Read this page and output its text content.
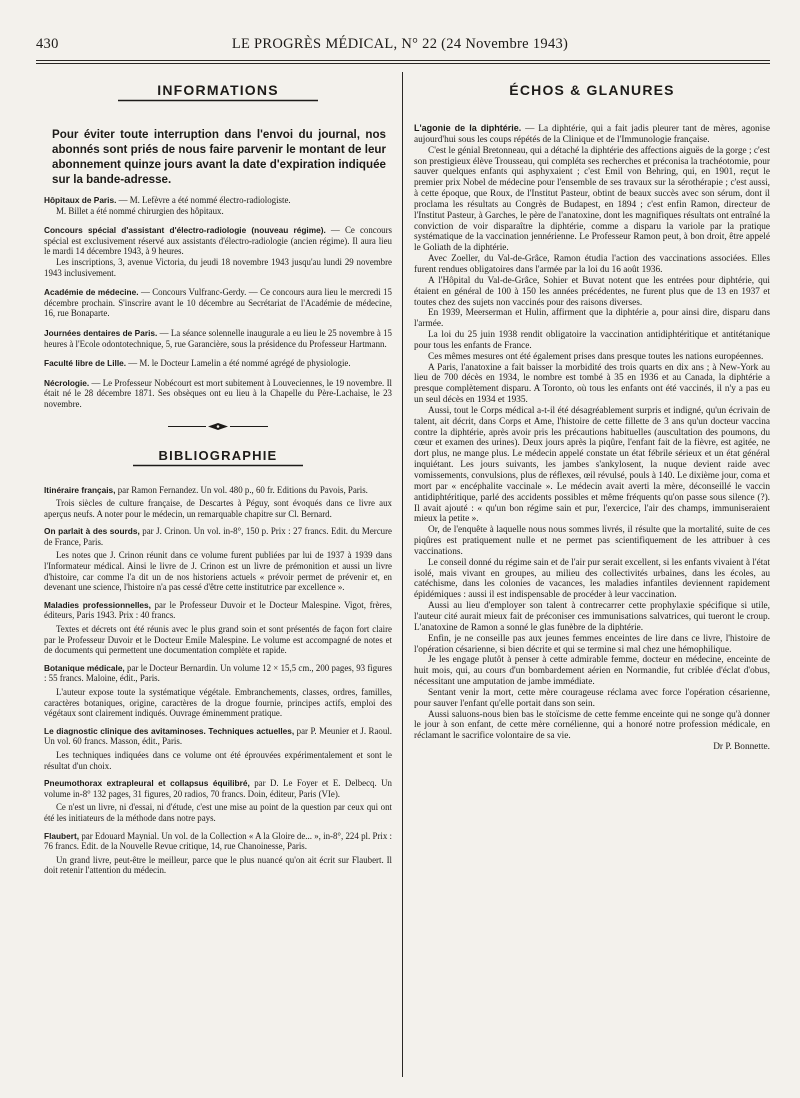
430	LE PROGRÈS MÉDICAL, N° 22 (24 Novembre 1943)
INFORMATIONS

Pour éviter toute interruption dans l'envoi du journal, nos abonnés sont priés de nous faire parvenir le montant de leur abonnement quinze jours avant la date d'expiration indiquée sur la bande-adresse.

Hôpitaux de Paris. — M. Lefèvre a été nommé électro-radiologiste.

M. Billet a été nommé chirurgien des hôpitaux.

Concours spécial d'assistant d'électro-radiologie (nouveau régime). — Ce concours spécial est exclusivement réservé aux assistants d'électro-radiologie (ancien régime). Il aura lieu le mardi 14 décembre 1943, à 9 heures.

Les inscriptions, 3, avenue Victoria, du jeudi 18 novembre 1943 jusqu'au lundi 29 novembre 1943 inclusivement.

Académie de médecine. — Concours Vulfranc-Gerdy. — Ce concours aura lieu le mercredi 15 décembre prochain. S'inscrire avant le 10 décembre au Secrétariat de l'Académie de médecine, 16, rue Bonaparte.

Journées dentaires de Paris. — La séance solennelle inaugurale a eu lieu le 25 novembre à 15 heures à l'Ecole odontotechnique, 5, rue Garancière, sous la présidence du Professeur Hartmann.

Faculté libre de Lille. — M. le Docteur Lamelin a été nommé agrégé de physiologie.

Nécrologie. — Le Professeur Nobécourt est mort subitement à Louveciennes, le 19 novembre. Il était né le 28 décembre 1871. Ses obsèques ont eu lieu à la Chapelle du Père-Lachaise, le 23 novembre.

BIBLIOGRAPHIE

Itinéraire français, par Ramon Fernandez. Un vol. 480 p., 60 fr. Editions du Pavois, Paris.

Trois siècles de culture française, de Descartes à Péguy, sont évoqués dans ce livre aux aperçus neufs. A noter pour le médecin, un remarquable chapitre sur Cl. Bernard.

On parlait à des sourds, par J. Crinon. Un vol. in-8°, 150 p. Prix : 27 francs. Edit. du Mercure de France, Paris.

Les notes que J. Crinon réunit dans ce volume furent publiées par lui de 1937 à 1939 dans l'Informateur médical. Ainsi le livre de J. Crinon est un livre de prémonition et aussi un livre d'histoire, car comme l'a dit un de nos historiens actuels « prévoir permet de prévenir et, en devenant une science, l'histoire n'a pas cessé d'être cette institutrice par excellence ».

Maladies professionnelles, par le Professeur Duvoir et le Docteur Malespine. Vigot, frères, éditeurs, Paris 1943. Prix : 40 francs.

Textes et décrets ont été réunis avec le plus grand soin et sont présentés de façon fort claire par le Professeur Duvoir et le Docteur Emile Malespine. Le volume est accompagné de notes et de documents qui permettent une documentation complète et rapide.

Botanique médicale, par le Docteur Bernardin. Un volume 12 × 15,5 cm., 200 pages, 93 figures : 55 francs. Maloine, édit., Paris.

L'auteur expose toute la systématique végétale. Embranchements, classes, ordres, familles, caractères botaniques, origine, caractères de la drogue fournie, principes actifs, emploi des végétaux sont clairement indiqués. Ouvrage éminemment pratique.

Le diagnostic clinique des avitaminoses. Techniques actuelles, par P. Meunier et J. Raoul. Un vol. 60 francs. Masson, édit., Paris.

Les techniques indiquées dans ce volume ont été éprouvées expérimentalement et sont le résultat d'un choix.

Pneumothorax extrapleural et collapsus équilibré, par D. Le Foyer et E. Delbecq. Un volume in-8° 132 pages, 31 figures, 20 radios, 70 francs. Doin, éditeur, Paris (VIe).

Ce n'est un livre, ni d'essai, ni d'étude, c'est une mise au point de la question par ceux qui ont été les initiateurs de la méthode dans notre pays.

Flaubert, par Edouard Maynial. Un vol. de la Collection « A la Gloire de... », in-8°, 224 pl. Prix : 76 francs. Edit. de la Nouvelle Revue critique, 14, rue Chanoinesse, Paris.

Un grand livre, peut-être le meilleur, parce que le plus nuancé qu'on ait écrit sur Flaubert. Il doit retenir l'attention du médecin.

ÉCHOS & GLANURES

L'agonie de la diphtérie. — La diphtérie, qui a fait jadis pleurer tant de mères, agonise aujourd'hui sous les coups répétés de la Clinique et de l'Immunologie française.

C'est le génial Bretonneau, qui a détaché la diphtérie des affections aiguës de la gorge ; c'est son prestigieux élève Trousseau, qui compléta ses recherches et préconisa la trachéotomie, pour sauver quelques enfants qui asphyxaient ; c'est Emil von Behring, qui, en 1901, reçut le premier prix Nobel de médecine pour l'ensemble de ses travaux sur la sérothérapie ; c'est aussi, à cette époque, que Roux, de l'Institut Pasteur, obtint de beaux succès avec son sérum, dont il proclama les résultats au Congrès de Budapest, en 1894 ; c'est enfin Ramon, directeur de l'Institut Pasteur, à Garches, le père de l'anatoxine, dont les magnifiques résultats ont entraîné la conviction de voir disparaître la diphtérie, comme a disparu la variole par la pratique systématique de la vaccination jennérienne. Le Professeur Ramon peut, à bon droit, être appelé le Goliath de la diphtérie.

Avec Zoeller, du Val-de-Grâce, Ramon étudia l'action des vaccinations associées. Elles furent rendues obligatoires dans l'armée par la loi du 16 août 1936.

A l'Hôpital du Val-de-Grâce, Sohier et Buvat notent que les entrées pour diphtérie, qui étaient en général de 100 à 150 les années précédentes, ne furent plus que de 13 en 1937 et toutes chez des sujets non vaccinés pour des raisons diverses.

En 1939, Meerserman et Hulin, affirment que la diphtérie a, pour ainsi dire, disparu dans l'armée.

La loi du 25 juin 1938 rendit obligatoire la vaccination antidiphtéritique et antitétanique pour tous les enfants de France.

Ces mêmes mesures ont été également prises dans presque toutes les nations européennes.

A Paris, l'anatoxine a fait baisser la morbidité des trois quarts en dix ans ; à New-York au lieu de 700 décès en 1934, le nombre est tombé à 35 en 1936 et au Canada, la diphtérie a presque complètement disparu. A Toronto, où tous les enfants ont été vaccinés, il n'y a pas eu un seul décès en 1934 et 1935.

Aussi, tout le Corps médical a-t-il été désagréablement surpris et indigné, qu'un écrivain de talent, ait décrit, dans Corps et Ame, l'histoire de cette fillette de 3 ans qu'un docteur vaccina contre la diphtérie, après avoir pris les précautions habituelles (auscultation des poumons, du cœur et examen des urines). Deux jours après la piqûre, l'enfant fait de la fièvre, est agitée, ne dort plus, ne mange plus. Le médecin appelé constate un état fébrile sérieux et un état général inquiétant. Les jours suivants, les jambes s'ankylosent, la nuque devient raide avec vomissements, convulsions, plus de réflexes, œil révulsé, pouls à 140. Le dixième jour, coma et mort par « encéphalite vaccinale ». Le médecin avait averti la mère, déconseillé le vaccin antidiphtéritique, parlé des accidents possibles et même fréquents qu'on passe sous silence (?). Il avait ajouté : « qu'un bon régime sain et pur, l'exercice, l'air des champs, immuniseraient mieux la petite ».

Or, de l'enquête à laquelle nous nous sommes livrés, il résulte que la mortalité, suite de ces piqûres est pratiquement nulle et ne permet pas scientifiquement de les attribuer à ces vaccinations.

Le conseil donné du régime sain et de l'air pur serait excellent, si les enfants vivaient à l'état isolé, mais vivant en groupes, au milieu des collectivités urbaines, dans les écoles, au catéchisme, dans les colonies de vacances, les maladies infantiles deviennent rapidement épidémiques : aussi il est indispensable de procéder à leur vaccination.

Aussi au lieu d'employer son talent à contrecarrer cette prophylaxie spécifique si utile, l'auteur cité aurait mieux fait de préconiser ces immunisations salvatrices, qui tueront le croup. L'anatoxine de Ramon a sonné le glas funèbre de la diphtérie.

Enfin, je ne conseille pas aux jeunes femmes enceintes de lire dans ce livre, l'histoire de l'opération césarienne, si bien décrite et qui se termine si mal chez une hémophilique.

Je les engage plutôt à penser à cette admirable femme, docteur en médecine, enceinte de huit mois, qui, au cours d'un bombardement aérien en Normandie, fut criblée d'éclat d'obus, nécessitant une amputation de jambe immédiate.

Sentant venir la mort, cette mère courageuse réclama avec force l'opération césarienne, pour sauver l'enfant qu'elle portait dans son sein.

Aussi saluons-nous bien bas le stoïcisme de cette femme enceinte qui ne songe qu'à donner le jour à son enfant, de cette mère cornélienne, qui a honoré notre profession médicale, en réclamant le sacrifice volontaire de sa vie.

Dr P. Bonnette.
